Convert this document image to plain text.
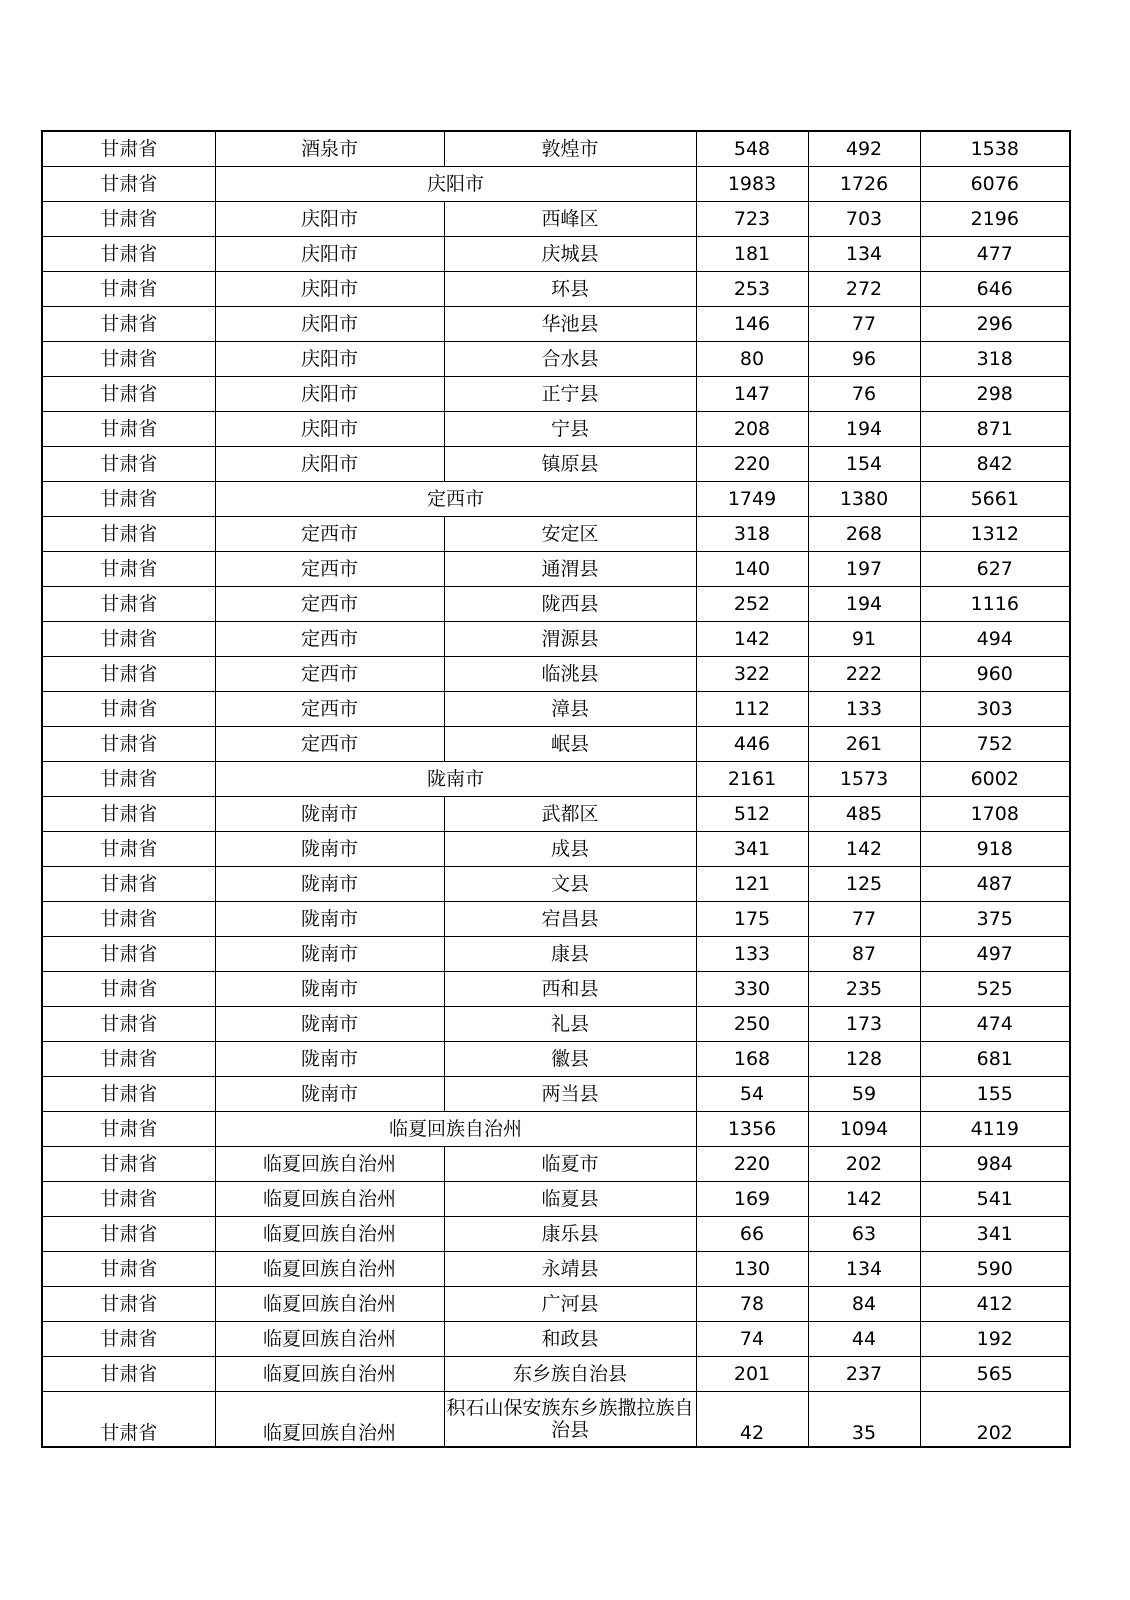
甘肃省	酒泉市	敦煌市	548	492	1538
甘肃省	庆阳市		1983	1726	6076
甘肃省	庆阳市	西峰区	723	703	2196
甘肃省	庆阳市	庆城县	181	134	477
甘肃省	庆阳市	环县	253	272	646
甘肃省	庆阳市	华池县	146	77	296
甘肃省	庆阳市	合水县	80	96	318
甘肃省	庆阳市	正宁县	147	76	298
甘肃省	庆阳市	宁县	208	194	871
甘肃省	庆阳市	镇原县	220	154	842
甘肃省	定西市		1749	1380	5661
甘肃省	定西市	安定区	318	268	1312
甘肃省	定西市	通渭县	140	197	627
甘肃省	定西市	陇西县	252	194	1116
甘肃省	定西市	渭源县	142	91	494
甘肃省	定西市	临洮县	322	222	960
甘肃省	定西市	漳县	112	133	303
甘肃省	定西市	岷县	446	261	752
甘肃省	陇南市		2161	1573	6002
甘肃省	陇南市	武都区	512	485	1708
甘肃省	陇南市	成县	341	142	918
甘肃省	陇南市	文县	121	125	487
甘肃省	陇南市	宕昌县	175	77	375
甘肃省	陇南市	康县	133	87	497
甘肃省	陇南市	西和县	330	235	525
甘肃省	陇南市	礼县	250	173	474
甘肃省	陇南市	徽县	168	128	681
甘肃省	陇南市	两当县	54	59	155
甘肃省	临夏回族自治州		1356	1094	4119
甘肃省	临夏回族自治州	临夏市	220	202	984
甘肃省	临夏回族自治州	临夏县	169	142	541
甘肃省	临夏回族自治州	康乐县	66	63	341
甘肃省	临夏回族自治州	永靖县	130	134	590
甘肃省	临夏回族自治州	广河县	78	84	412
甘肃省	临夏回族自治州	和政县	74	44	192
甘肃省	临夏回族自治州	东乡族自治县	201	237	565
甘肃省	临夏回族自治州	积石山保安族东乡族撒拉族自治县	42	35	202
